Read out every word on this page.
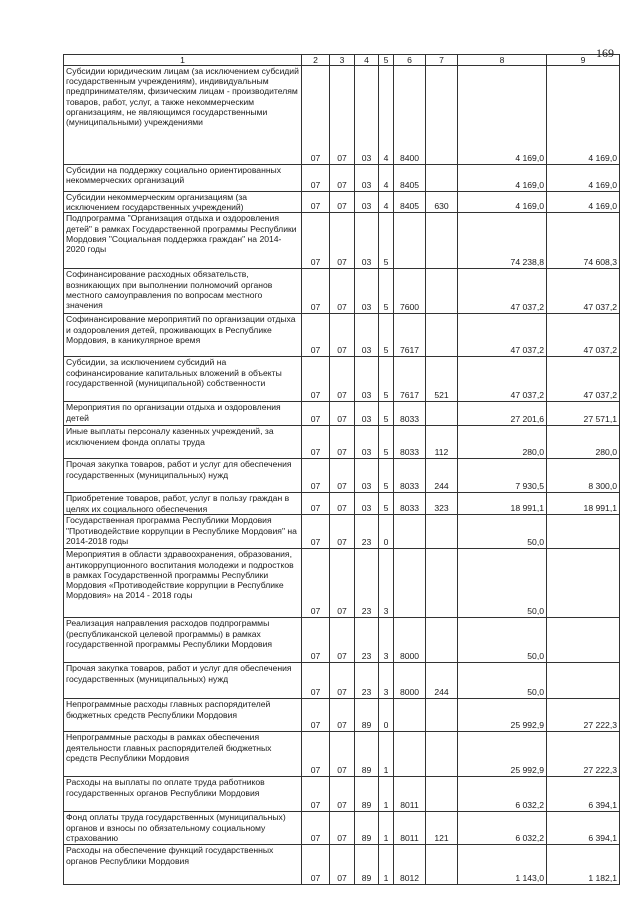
169
1	2	3	4	5	6	7	8	9
Субсидии юридическим лицам (за исключением субсидий государственным учреждениям), индивидуальным предпринимателям, физическим лицам - производителям товаров, работ, услуг, а также некоммерческим организациям, не являющимся государственными (муниципальными) учреждениями	07	07	03	4	8400		4 169,0	4 169,0
Субсидии на поддержку социально ориентированных некоммерческих организаций	07	07	03	4	8405		4 169,0	4 169,0
Субсидии некоммерческим организациям (за исключением государственных учреждений)	07	07	03	4	8405	630	4 169,0	4 169,0
Подпрограмма "Организация отдыха и оздоровления детей" в рамках Государственной программы Республики Мордовия "Социальная поддержка граждан" на 2014-2020 годы	07	07	03	5			74 238,8	74 608,3
Софинансирование расходных обязательств, возникающих при выполнении полномочий органов местного самоуправления по вопросам местного значения	07	07	03	5	7600		47 037,2	47 037,2
Софинансирование мероприятий по организации отдыха и оздоровления детей, проживающих в Республике Мордовия, в каникулярное время	07	07	03	5	7617		47 037,2	47 037,2
Субсидии, за исключением субсидий на софинансирование капитальных вложений в объекты государственной (муниципальной) собственности	07	07	03	5	7617	521	47 037,2	47 037,2
Мероприятия по организации отдыха и оздоровления детей	07	07	03	5	8033		27 201,6	27 571,1
Иные выплаты персоналу казенных учреждений, за исключением фонда оплаты труда	07	07	03	5	8033	112	280,0	280,0
Прочая закупка товаров, работ и услуг для обеспечения государственных (муниципальных) нужд	07	07	03	5	8033	244	7 930,5	8 300,0
Приобретение товаров, работ, услуг в пользу граждан в целях их социального обеспечения	07	07	03	5	8033	323	18 991,1	18 991,1
Государственная программа Республики Мордовия "Противодействие коррупции в Республике Мордовия" на 2014-2018 годы	07	07	23	0			50,0	
Мероприятия в области здравоохранения, образования, антикоррупционного воспитания молодежи и подростков в рамках Государственной программы Республики Мордовия «Противодействие коррупции в Республике Мордовия» на 2014 - 2018 годы	07	07	23	3			50,0	
Реализация направления расходов подпрограммы (республиканской целевой программы) в рамках государственной программы Республики Мордовия	07	07	23	3	8000		50,0	
Прочая закупка товаров, работ и услуг для обеспечения государственных (муниципальных) нужд	07	07	23	3	8000	244	50,0	
Непрограммные расходы главных распорядителей бюджетных средств Республики Мордовия	07	07	89	0			25 992,9	27 222,3
Непрограммные расходы в рамках обеспечения деятельности главных распорядителей бюджетных средств Республики Мордовия	07	07	89	1			25 992,9	27 222,3
Расходы на выплаты по оплате труда работников государственных органов Республики Мордовия	07	07	89	1	8011		6 032,2	6 394,1
Фонд оплаты труда государственных (муниципальных) органов и взносы по обязательному социальному страхованию	07	07	89	1	8011	121	6 032,2	6 394,1
Расходы на обеспечение функций государственных органов Республики Мордовия	07	07	89	1	8012		1 143,0	1 182,1
